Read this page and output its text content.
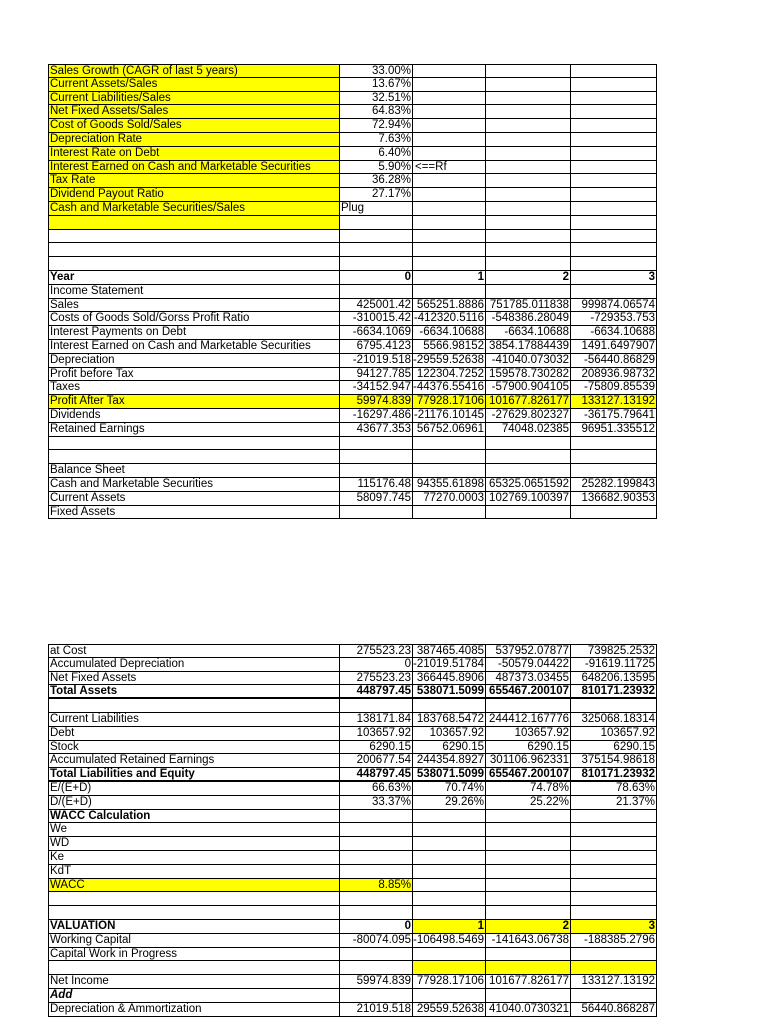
Sales Growth (CAGR of last 5 years)	33.00%
Current Assets/Sales	13.67%
Current Liabilities/Sales	32.51%
Net Fixed Assets/Sales	64.83%
Cost of Goods Sold/Sales	72.94%
Depreciation Rate	7.63%
Interest Rate on Debt	6.40%
Interest Earned on Cash and Marketable Securities	5.90% <==Rf
Tax Rate	36.28%
Dividend Payout Ratio	27.17%
Cash and Marketable Securities/Sales	Plug
Year	0	1	2	3
Income Statement
Sales	425001.42 565251.8886 751785.011838	999874.06574
Costs of Goods Sold/Gorss Profit Ratio	-310015.42 -412320.5116 -548386.28049	-729353.753
Interest Payments on Debt	-6634.1069 -6634.10688	-6634.10688	-6634.10688
Interest Earned on Cash and Marketable Securities	6795.4123	5566.98152 3854.17884439	1491.6497907
Depreciation	-21019.518 -29559.52638 -41040.073032	-56440.86829
Profit before Tax	94127.785 122304.7252 159578.730282	208936.98732
Taxes	-34152.947 -44376.55416 -57900.904105	-75809.85539
Profit After Tax	59974.839 77928.17106 101677.826177	133127.13192
Dividends	-16297.486 -21176.10145 -27629.802327	-36175.79641
Retained Earnings	43677.353 56752.06961	74048.02385	96951.335512
Balance Sheet
Cash and Marketable Securities	115176.48 94355.61898 65325.0651592	25282.199843
Current Assets	58097.745	77270.0003 102769.100397	136682.90353
Fixed Assets
at Cost	275523.23 387465.4085 537952.07877	739825.2532
Accumulated Depreciation	0 -21019.51784	-50579.04422	-91619.11725
Net Fixed Assets	275523.23 366445.8906 487373.03455	648206.13595
Total Assets	448797.45 538071.5099 655467.200107	810171.23932
Current Liabilities	138171.84 183768.5472 244412.167776	325068.18314
Debt	103657.92	103657.92	103657.92	103657.92
Stock	6290.15	6290.15	6290.15	6290.15
Accumulated Retained Earnings	200677.54 244354.8927 301106.962331	375154.98618
Total Liabilities and Equity	448797.45 538071.5099 655467.200107	810171.23932
E/(E+D)	66.63%	70.74%	74.78%	78.63%
D/(E+D)	33.37%	29.26%	25.22%	21.37%
WACC Calculation
We
WD
Ke
KdT
WACC	8.85%
VALUATION	0	1	2	3
Working Capital	-80074.095 -106498.5469 -141643.06738	-188385.2796
Capital Work in Progress
Net Income	59974.839 77928.17106 101677.826177	133127.13192
Add
Depreciation & Ammortization	21019.518 29559.52638 41040.0730321	56440.868287
